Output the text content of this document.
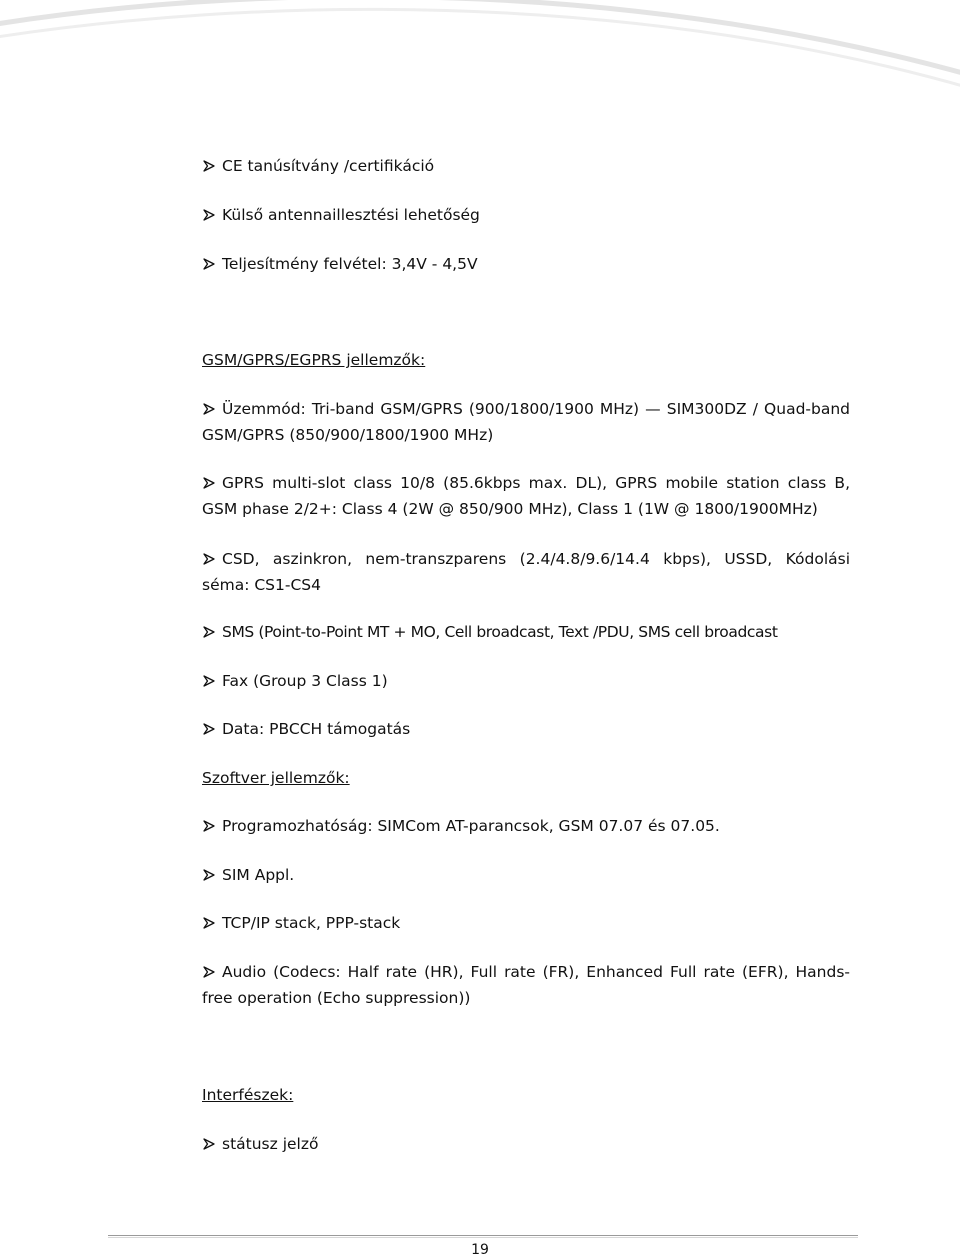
CE tanúsítvány /certifikáció
Külső antennaillesztési lehetőség
Teljesítmény felvétel: 3,4V - 4,5V
GSM/GPRS/EGPRS jellemzők:
Üzemmód: Tri-band GSM/GPRS (900/1800/1900 MHz) — SIM300DZ / Quad-band GSM/GPRS (850/900/1800/1900 MHz)
GPRS multi-slot class 10/8 (85.6kbps max. DL), GPRS mobile station class B, GSM phase 2/2+: Class 4 (2W @ 850/900 MHz), Class 1 (1W @ 1800/1900MHz)
CSD, aszinkron, nem-transzparens (2.4/4.8/9.6/14.4 kbps), USSD, Kódolási séma: CS1-CS4
SMS (Point-to-Point MT + MO, Cell broadcast, Text /PDU, SMS cell broadcast
Fax (Group 3 Class 1)
Data: PBCCH támogatás
Szoftver jellemzők:
Programozhatóság: SIMCom AT-parancsok, GSM 07.07 és 07.05.
SIM Appl.
TCP/IP stack, PPP-stack
Audio (Codecs: Half rate (HR), Full rate (FR), Enhanced Full rate (EFR), Hands-free operation (Echo suppression))
Interfészek:
státusz jelző
19
